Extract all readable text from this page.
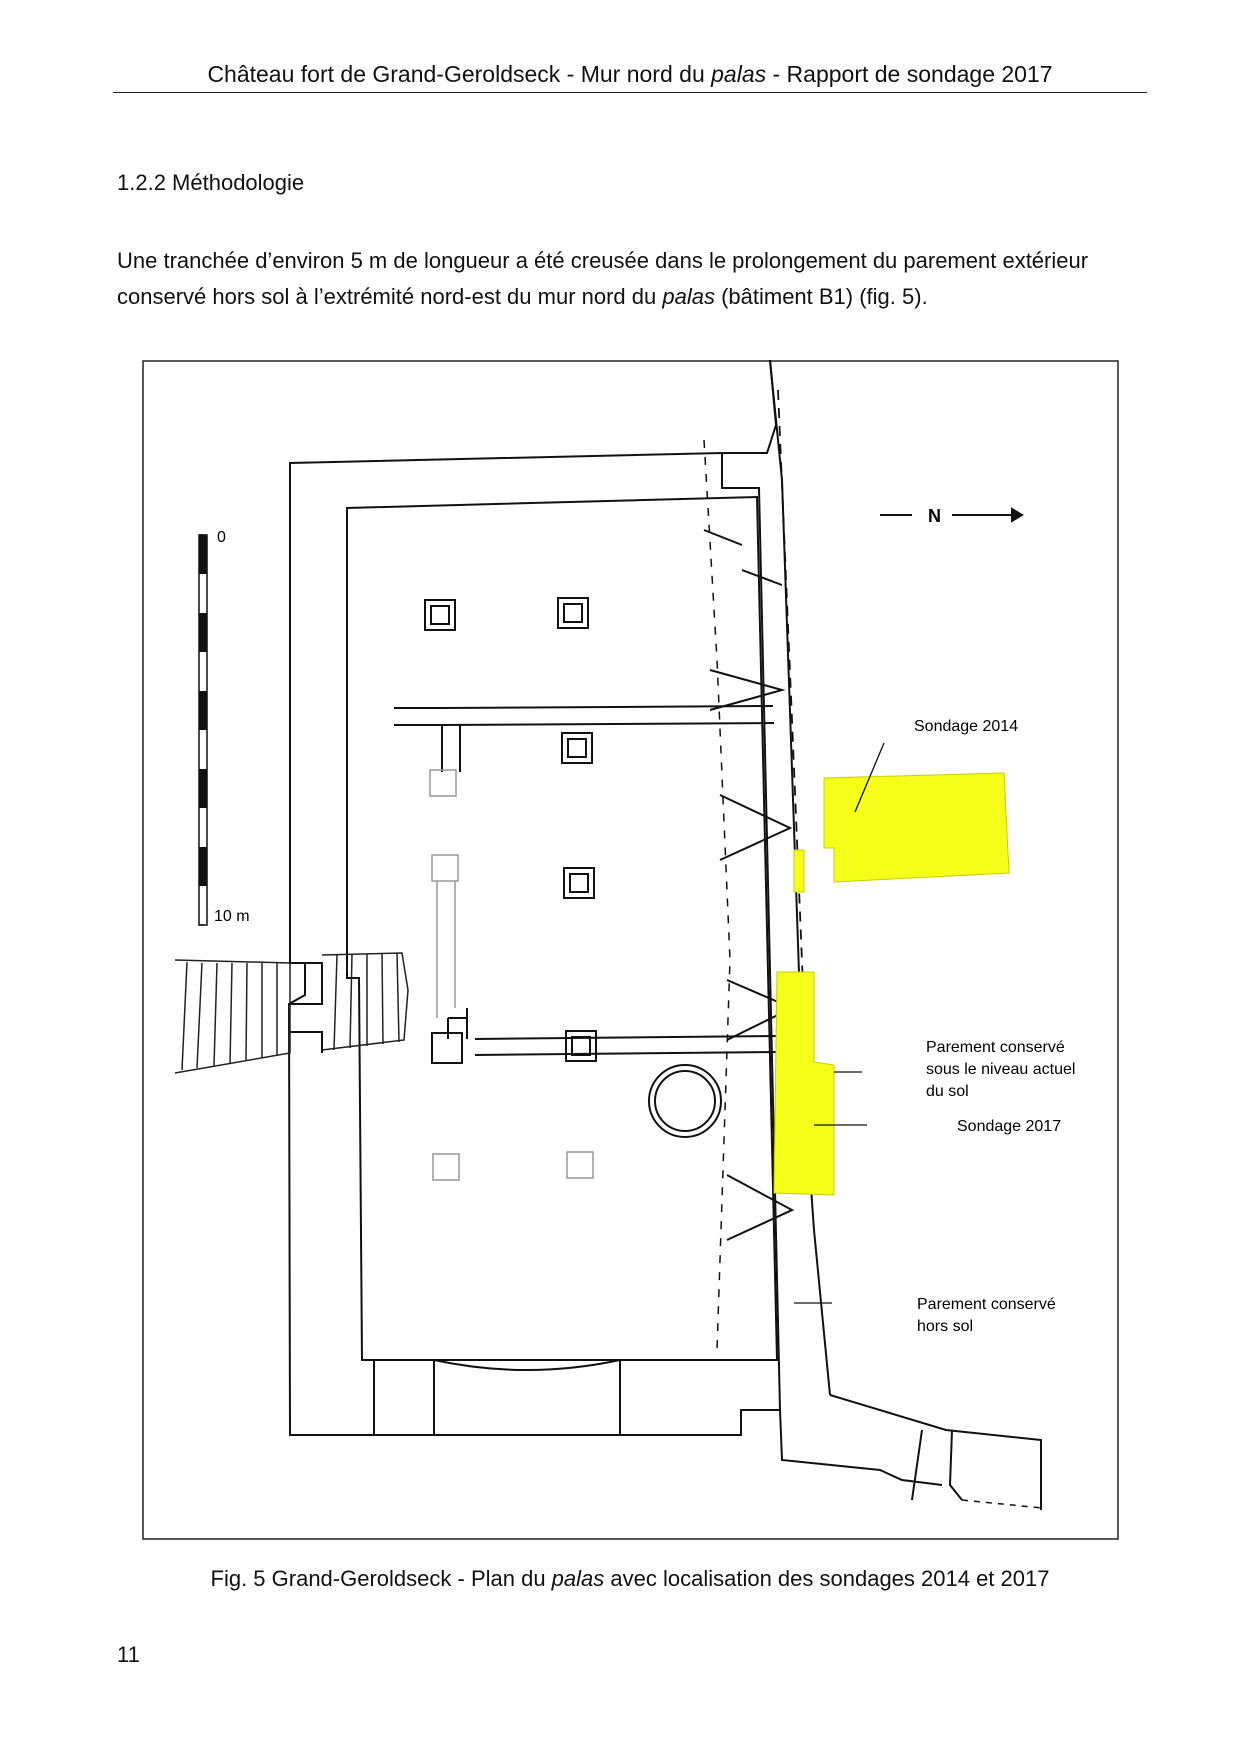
Château fort de Grand-Geroldseck - Mur nord du palas - Rapport de sondage 2017
1.2.2 Méthodologie
Une tranchée d’environ 5 m de longueur a été creusée dans le prolongement du parement extérieur conservé hors sol à l’extrémité nord-est du mur nord du palas (bâtiment B1) (fig. 5).
0
10 m
N
Sondage 2014
Parement conservé
sous le niveau actuel
du sol
Sondage 2017
Parement conservé
hors sol
Fig. 5 Grand-Geroldseck - Plan du palas avec localisation des sondages 2014 et 2017
11
